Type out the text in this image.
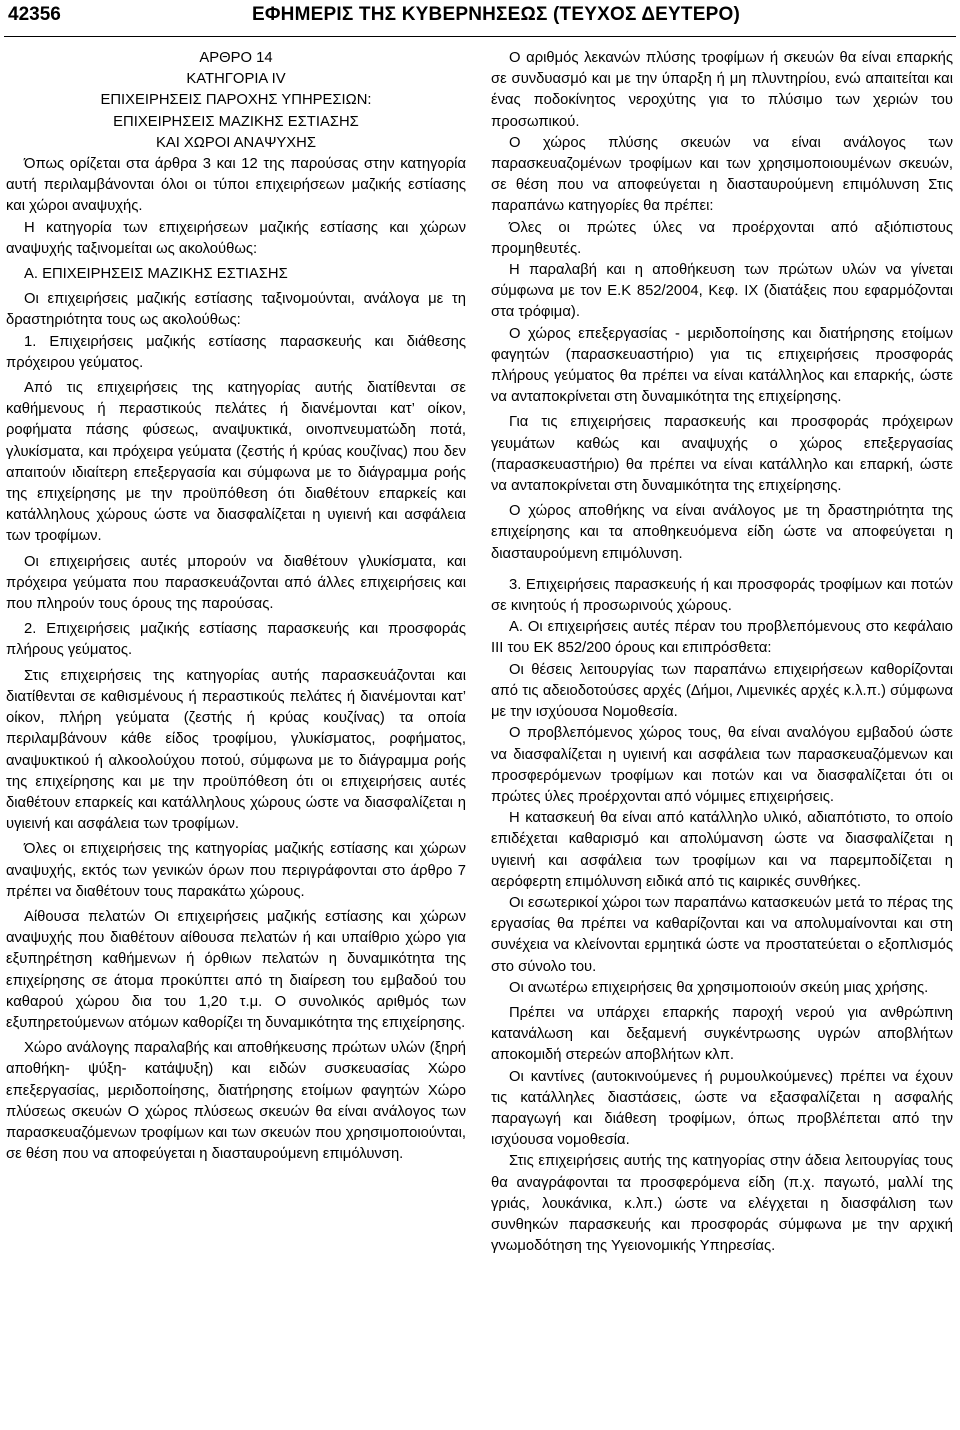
42356	ΕΦΗΜΕΡΙΣ ΤΗΣ ΚΥΒΕΡΝΗΣΕΩΣ (ΤΕΥΧΟΣ ΔΕΥΤΕΡΟ)
ΑΡΘΡΟ 14
ΚΑΤΗΓΟΡΙΑ IV
ΕΠΙΧΕΙΡΗΣΕΙΣ ΠΑΡΟΧΗΣ ΥΠΗΡΕΣΙΩΝ:
ΕΠΙΧΕΙΡΗΣΕΙΣ ΜΑΖΙΚΗΣ ΕΣΤΙΑΣΗΣ
ΚΑΙ ΧΩΡΟΙ ΑΝΑΨΥΧΗΣ

Όπως ορίζεται στα άρθρα 3 και 12 της παρούσας στην κατηγορία αυτή περιλαμβάνονται όλοι οι τύποι επιχειρήσεων μαζικής εστίασης και χώροι αναψυχής.

Η κατηγορία των επιχειρήσεων μαζικής εστίασης και χώρων αναψυχής ταξινομείται ως ακολούθως:

Α. ΕΠΙΧΕΙΡΗΣΕΙΣ ΜΑΖΙΚΗΣ ΕΣΤΙΑΣΗΣ

Οι επιχειρήσεις μαζικής εστίασης ταξινομούνται, ανάλογα με τη δραστηριότητα τους ως ακολούθως:

1. Επιχειρήσεις μαζικής εστίασης παρασκευής και διάθεσης πρόχειρου γεύματος.

Από τις επιχειρήσεις της κατηγορίας αυτής διατίθενται σε καθήμενους ή περαστικούς πελάτες ή διανέμονται κατ’ οίκον, ροφήματα πάσης φύσεως, αναψυκτικά, οινοπνευματώδη ποτά, γλυκίσματα, και πρόχειρα γεύματα (ζεστής ή κρύας κουζίνας) που δεν απαιτούν ιδιαίτερη επεξεργασία και σύμφωνα με το διάγραμμα ροής της επιχείρησης με την προϋπόθεση ότι διαθέτουν επαρκείς και κατάλληλους χώρους ώστε να διασφαλίζεται η υγιεινή και ασφάλεια των τροφίμων.

Οι επιχειρήσεις αυτές μπορούν να διαθέτουν γλυκίσματα, και πρόχειρα γεύματα που παρασκευάζονται από άλλες επιχειρήσεις και που πληρούν τους όρους της παρούσας.

2. Επιχειρήσεις μαζικής εστίασης παρασκευής και προσφοράς πλήρους γεύματος.

Στις επιχειρήσεις της κατηγορίας αυτής παρασκευάζονται και διατίθενται σε καθισμένους ή περαστικούς πελάτες ή διανέμονται κατ’ οίκον, πλήρη γεύματα (ζεστής ή κρύας κουζίνας) τα οποία περιλαμβάνουν κάθε είδος τροφίμου, γλυκίσματος, ροφήματος, αναψυκτικού ή αλκοολούχου ποτού, σύμφωνα με το διάγραμμα ροής της επιχείρησης και με την προϋπόθεση ότι οι επιχειρήσεις αυτές διαθέτουν επαρκείς και κατάλληλους χώρους ώστε να διασφαλίζεται η υγιεινή και ασφάλεια των τροφίμων.

Όλες οι επιχειρήσεις της κατηγορίας μαζικής εστίασης και χώρων αναψυχής, εκτός των γενικών όρων που περιγράφονται στο άρθρο 7 πρέπει να διαθέτουν τους παρακάτω χώρους.

Αίθουσα πελατών Οι επιχειρήσεις μαζικής εστίασης και χώρων αναψυχής που διαθέτουν αίθουσα πελατών ή και υπαίθριο χώρο για εξυπηρέτηση καθήμενων ή όρθιων πελατών η δυναμικότητα της επιχείρησης σε άτομα προκύπτει από τη διαίρεση του εμβαδού του καθαρού χώρου δια του 1,20 τ.μ. Ο συνολικός αριθμός των εξυπηρετούμενων ατόμων καθορίζει τη δυναμικότητα της επιχείρησης.

Χώρο ανάλογης παραλαβής και αποθήκευσης πρώτων υλών (ξηρή αποθήκη- ψύξη- κατάψυξη) και ειδών συσκευασίας Χώρο επεξεργασίας, μεριδοποίησης, διατήρησης ετοίμων φαγητών Χώρο πλύσεως σκευών Ο χώρος πλύσεως σκευών θα είναι ανάλογος των παρασκευαζόμενων τροφίμων και των σκευών που χρησιμοποιούνται, σε θέση που να αποφεύγεται η διασταυρούμενη επιμόλυνση.

Ο αριθμός λεκανών πλύσης τροφίμων ή σκευών θα είναι επαρκής σε συνδυασμό και με την ύπαρξη ή μη πλυντηρίου, ενώ απαιτείται και ένας ποδοκίνητος νεροχύτης για το πλύσιμο των χεριών του προσωπικού.

Ο χώρος πλύσης σκευών να είναι ανάλογος των παρασκευαζομένων τροφίμων και των χρησιμοποιουμένων σκευών, σε θέση που να αποφεύγεται η διασταυρούμενη επιμόλυνση Στις παραπάνω κατηγορίες θα πρέπει:

Όλες οι πρώτες ύλες να προέρχονται από αξιόπιστους προμηθευτές.

Η παραλαβή και η αποθήκευση των πρώτων υλών να γίνεται σύμφωνα με τον Ε.Κ 852/2004, Κεφ. ΙΧ (διατάξεις που εφαρμόζονται στα τρόφιμα).

Ο χώρος επεξεργασίας - μεριδοποίησης και διατήρησης ετοίμων φαγητών (παρασκευαστήριο) για τις επιχειρήσεις προσφοράς πλήρους γεύματος θα πρέπει να είναι κατάλληλος και επαρκής, ώστε να ανταποκρίνεται στη δυναμικότητα της επιχείρησης.

Για τις επιχειρήσεις παρασκευής και προσφοράς πρόχειρων γευμάτων καθώς και αναψυχής ο χώρος επεξεργασίας (παρασκευαστήριο) θα πρέπει να είναι κατάλληλο και επαρκή, ώστε να ανταποκρίνεται στη δυναμικότητα της επιχείρησης.

Ο χώρος αποθήκης να είναι ανάλογος με τη δραστηριότητα της επιχείρησης και τα αποθηκευόμενα είδη ώστε να αποφεύγεται η διασταυρούμενη επιμόλυνση.

3. Επιχειρήσεις παρασκευής ή και προσφοράς τροφίμων και ποτών σε κινητούς ή προσωρινούς χώρους.

Α. Οι επιχειρήσεις αυτές πέραν του προβλεπόμενους στο κεφάλαιο III του ΕΚ 852/200 όρους και επιπρόσθετα:

Οι θέσεις λειτουργίας των παραπάνω επιχειρήσεων καθορίζονται από τις αδειοδοτούσες αρχές (Δήμοι, Λιμενικές αρχές κ.λ.π.) σύμφωνα με την ισχύουσα Νομοθεσία.

Ο προβλεπόμενος χώρος τους, θα είναι αναλόγου εμβαδού ώστε να διασφαλίζεται η υγιεινή και ασφάλεια των παρασκευαζόμενων και προσφερόμενων τροφίμων και ποτών και να διασφαλίζεται ότι οι πρώτες ύλες προέρχονται από νόμιμες επιχειρήσεις.

Η κατασκευή θα είναι από κατάλληλο υλικό, αδιαπότιστο, το οποίο επιδέχεται καθαρισμό και απολύμανση ώστε να διασφαλίζεται η υγιεινή και ασφάλεια των τροφίμων και να παρεμποδίζεται η αερόφερτη επιμόλυνση ειδικά από τις καιρικές συνθήκες.

Οι εσωτερικοί χώροι των παραπάνω κατασκευών μετά το πέρας της εργασίας θα πρέπει να καθαρίζονται και να απολυμαίνονται και στη συνέχεια να κλείνονται ερμητικά ώστε να προστατεύεται ο εξοπλισμός στο σύνολο του.

Οι ανωτέρω επιχειρήσεις θα χρησιμοποιούν σκεύη μιας χρήσης.

Πρέπει να υπάρχει επαρκής παροχή νερού για ανθρώπινη κατανάλωση και δεξαμενή συγκέντρωσης υγρών αποβλήτων αποκομιδή στερεών αποβλήτων κλπ.

Οι καντίνες (αυτοκινούμενες ή ρυμουλκούμενες) πρέπει να έχουν τις κατάλληλες διαστάσεις, ώστε να εξασφαλίζεται η ασφαλής παραγωγή και διάθεση τροφίμων, όπως προβλέπεται από την ισχύουσα νομοθεσία.

Στις επιχειρήσεις αυτής της κατηγορίας στην άδεια λειτουργίας τους θα αναγράφονται τα προσφερόμενα είδη (π.χ. παγωτό, μαλλί της γριάς, λουκάνικα, κ.λπ.) ώστε να ελέγχεται η διασφάλιση των συνθηκών παρασκευής και προσφοράς σύμφωνα με την αρχική γνωμοδότηση της Υγειονομικής Υπηρεσίας.
